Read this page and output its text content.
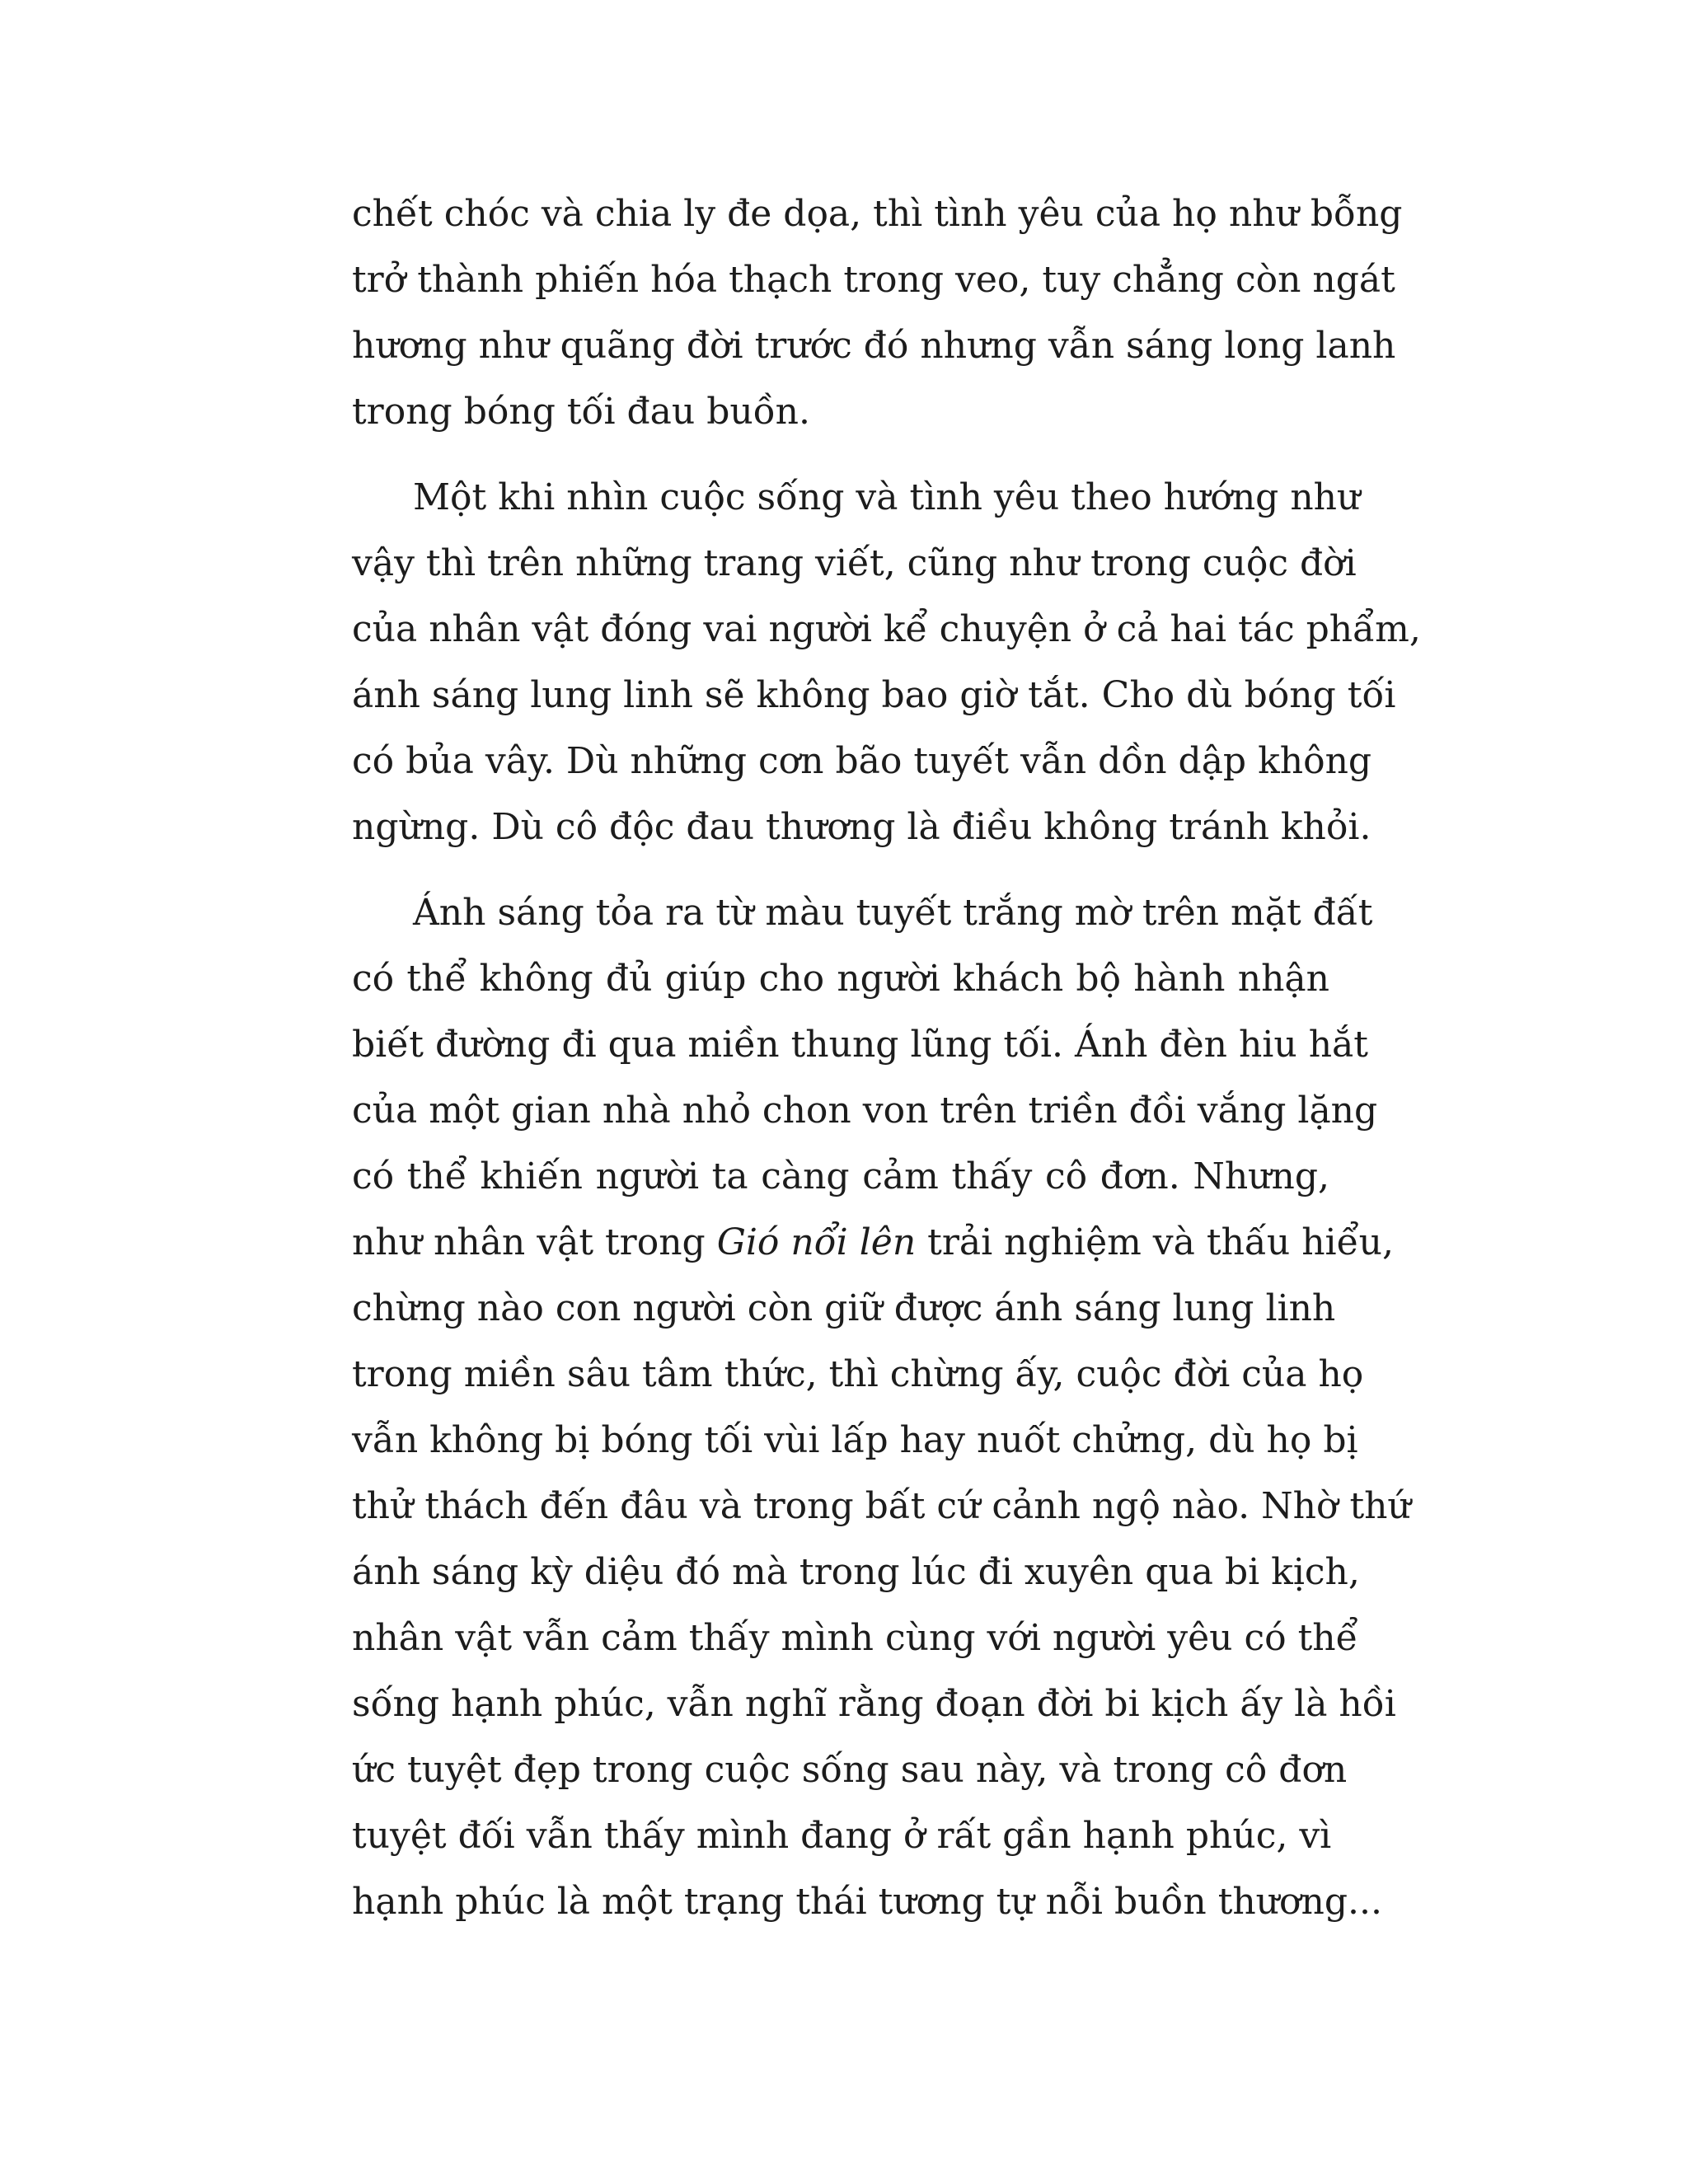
chết chóc và chia ly đe dọa, thì tình yêu của họ như bỗng
trở thành phiến hóa thạch trong veo, tuy chẳng còn ngát
hương như quãng đời trước đó nhưng vẫn sáng long lanh
trong bóng tối đau buồn.
Một khi nhìn cuộc sống và tình yêu theo hướng như
vậy thì trên những trang viết, cũng như trong cuộc đời
của nhân vật đóng vai người kể chuyện ở cả hai tác phẩm,
ánh sáng lung linh sẽ không bao giờ tắt. Cho dù bóng tối
có bủa vây. Dù những cơn bão tuyết vẫn dồn dập không
ngừng. Dù cô độc đau thương là điều không tránh khỏi.
Ánh sáng tỏa ra từ màu tuyết trắng mờ trên mặt đất
có thể không đủ giúp cho người khách bộ hành nhận
biết đường đi qua miền thung lũng tối. Ánh đèn hiu hắt
của một gian nhà nhỏ chon von trên triền đồi vắng lặng
có thể khiến người ta càng cảm thấy cô đơn. Nhưng,
như nhân vật trong Gió nổi lên trải nghiệm và thấu hiểu,
chừng nào con người còn giữ được ánh sáng lung linh
trong miền sâu tâm thức, thì chừng ấy, cuộc đời của họ
vẫn không bị bóng tối vùi lấp hay nuốt chửng, dù họ bị
thử thách đến đâu và trong bất cứ cảnh ngộ nào. Nhờ thứ
ánh sáng kỳ diệu đó mà trong lúc đi xuyên qua bi kịch,
nhân vật vẫn cảm thấy mình cùng với người yêu có thể
sống hạnh phúc, vẫn nghĩ rằng đoạn đời bi kịch ấy là hồi
ức tuyệt đẹp trong cuộc sống sau này, và trong cô đơn
tuyệt đối vẫn thấy mình đang ở rất gần hạnh phúc, vì
hạnh phúc là một trạng thái tương tự nỗi buồn thương...
